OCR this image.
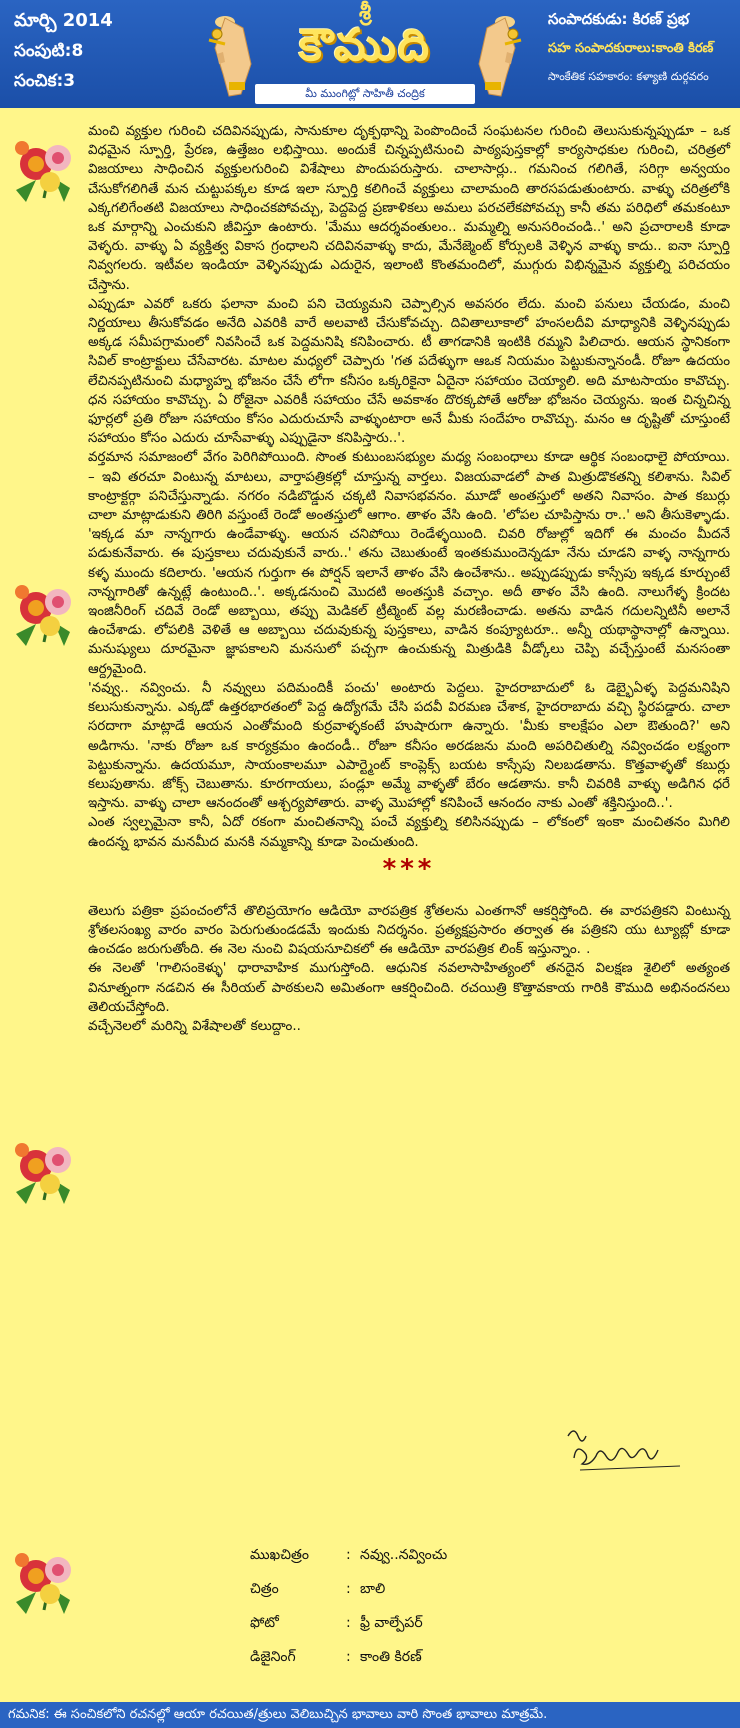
మార్చి 2014
సంపుటి:8
సంచిక:3
శ్రీ
కౌముది
మీ ముంగిట్లో సాహితీ చంద్రిక
సంపాదకుడు: కిరణ్ ప్రభ
సహ సంపాదకురాలు:కాంతి కిరణ్
సాంకేతిక సహకారం: కళ్యాణి దుర్గవరం

మంచి వ్యక్తుల గురించి చదివినప్పుడు, సానుకూల దృక్పథాన్ని పెంపొందించే సంఘటనల గురించి తెలుసుకున్నప్పుడూ – ఒక విధమైన స్పూర్తి, ప్రేరణ, ఉత్తేజం లభిస్తాయి. అందుకే చిన్నప్పటినుంచి పాఠ్యపుస్తకాల్లో కార్యసాధకుల గురించి, చరిత్రలో విజయాలు సాధించిన వ్యక్తులగురించి విశేషాలు పొందుపరుస్తారు. చాలాసార్లు.. గమనించ గలిగితే, సరిగ్గా అన్వయం చేసుకోగలిగితే మన చుట్టుపక్కల కూడ ఇలా స్పూర్తి కలిగించే వ్యక్తులు చాలామంది తారసపడుతుంటారు. వాళ్ళు చరిత్రలోకి ఎక్కగలిగేంతటి విజయాలు సాధించకపోవచ్చు, పెద్దపెద్ద ప్రణాళికలు అమలు పరచలేకపోవచ్చు కానీ తమ పరిధిలో తమకంటూ ఒక మార్గాన్ని ఎంచుకుని జీవిస్తూ ఉంటారు. 'మేము ఆదర్శవంతులం.. మమ్మల్ని అనుసరించండి..' అని ప్రచారాలకి కూడా వెళ్ళరు. వాళ్ళు ఏ వ్యక్తిత్వ వికాస గ్రంధాలని చదివినవాళ్ళు కాదు, మేనేజ్మెంట్ కోర్సులకి వెళ్ళిన వాళ్ళు కాదు.. ఐనా స్పూర్తి నివ్వగలరు. ఇటీవల ఇండియా వెళ్ళినప్పుడు ఎదురైన, ఇలాంటి కొంతమందిలో, ముగ్గురు విభిన్నమైన వ్యక్తుల్ని పరిచయం చేస్తాను.

ఎప్పుడూ ఎవరో ఒకరు ఫలానా మంచి పని చెయ్యమని చెప్పాల్సిన అవసరం లేదు. మంచి పనులు చేయడం, మంచి నిర్ణయాలు తీసుకోవడం అనేది ఎవరికి వారే అలవాటి చేసుకోవచ్చు. దివితాలూకాలో హంసలదీవి మాధ్యానికి వెళ్ళినప్పుడు అక్కడ సమీపగ్రామంలో నివసించే ఒక పెద్దమనిషి కనిపించారు. టీ తాగడానికి ఇంటికి రమ్మని పిలిచారు. ఆయన స్థానికంగా సివిల్ కాంట్రాక్టులు చేసేవారట. మాటల మధ్యలో చెప్పారు 'గత పదేళ్ళుగా ఆఒక నియమం పెట్టుకున్నానండీ. రోజూ ఉదయం లేచినప్పటినుంచి మధ్యాహ్న భోజనం చేసే లోగా కనీసం ఒక్కరికైనా ఏదైనా సహాయం చెయ్యాలి. అది మాటసాయం కావొచ్చు. ధన సహాయం కావొచ్చు. ఏ రోజైనా ఎవరికీ సహాయం చేసే అవకాశం దొరక్కపోతే ఆరోజు భోజనం చెయ్యను. ఇంత చిన్నచిన్న ఫూర్లలో ప్రతి రోజూ సహాయం కోసం ఎదురుచూసే వాళ్ళుంటారా అనే మీకు సందేహం రావొచ్చు. మనం ఆ దృష్టితో చూస్తుంటే సహాయం కోసం ఎదురు చూసేవాళ్ళు ఎప్పుడైనా కనిపిస్తారు..'.

వర్తమాన సమాజంలో వేగం పెరిగిపోయింది. సొంత కుటుంబసభ్యుల మధ్య సంబంధాలు కూడా ఆర్థిక సంబంధాలై పోయాయి. – ఇవి తరచూ వింటున్న మాటలు, వార్తాపత్రికల్లో చూస్తున్న వార్తలు. విజయవాడలో పాత మిత్రుడొకతన్ని కలిశాను. సివిల్ కాంట్రాక్టర్గా పనిచేస్తున్నాడు. నగరం నడిబొడ్డున చక్కటి నివాసభవనం. మూడో అంతస్తులో అతని నివాసం. పాత కబుర్లు చాలా మాట్లాడుకుని తిరిగి వస్తుంటే రెండో అంతస్తులో ఆగాం. తాళం వేసి ఉంది. 'లోపల చూపిస్తాను రా..' అని తీసుకెళ్ళాడు. 'ఇక్కడ మా నాన్నగారు ఉండేవాళ్ళు. ఆయన చనిపోయి రెండేళ్ళయింది. చివరి రోజుల్లో ఇదిగో ఈ మంచం మీదనే పడుకునేవారు. ఈ పుస్తకాలు చదువుకునే వారు..' తను చెబుతుంటే ఇంతకుముందెన్నడూ నేను చూడని వాళ్ళ నాన్నగారు కళ్ళ ముందు కదిలారు. 'ఆయన గుర్తుగా ఈ పోర్షన్ ఇలానే తాళం వేసి ఉంచేశాను.. అప్పుడప్పుడు కాస్సేపు ఇక్కడ కూర్చుంటే నాన్నగారితో ఉన్నట్లే ఉంటుంది..'. అక్కడనుంచి మొదటి అంతస్తుకి వచ్చాం. అదీ తాళం వేసి ఉంది. నాలుగేళ్ళ క్రిందట ఇంజినీరింగ్ చదివే రెండో అబ్బాయి, తప్పు మెడికల్ ట్రీట్మెంట్ వల్ల మరణించాడు. అతను వాడిన గదులన్నిటినీ అలానే ఉంచేశాడు. లోపలికి వెళితే ఆ అబ్బాయి చదువుకున్న పుస్తకాలు, వాడిన కంప్యూటరూ.. అన్నీ యథాస్థానాల్లో ఉన్నాయి. మనుష్యులు దూరమైనా జ్ఞాపకాలని మనసులో పచ్చగా ఉంచుకున్న మిత్రుడికి వీడ్కోలు చెప్పి వచ్చేస్తుంటే మనసంతా ఆర్ద్రమైంది.

'నవ్వు.. నవ్వించు. నీ నవ్వులు పదిమందికీ పంచు' అంటారు పెద్దలు. హైదరాబాదులో ఓ డెబ్భైఏళ్ళ పెద్దమనిషిని కలుసుకున్నాను. ఎక్కడో ఉత్తరభారతంలో పెద్ద ఉద్యోగమే చేసి పదవీ విరమణ చేశాక, హైదరాబాదు వచ్చి స్థిరపడ్డారు. చాలా సరదాగా మాట్లాడే ఆయన ఎంతోమంది కుర్రవాళ్ళకంటే హుషారుగా ఉన్నారు. 'మీకు కాలక్షేపం ఎలా ఔతుంది?' అని అడిగాను. 'నాకు రోజూ ఒక కార్యక్రమం ఉందండీ.. రోజూ కనీసం అరడజను మంది అపరిచితుల్ని నవ్వించడం లక్ష్యంగా పెట్టుకున్నాను. ఉదయమూ, సాయంకాలమూ ఎపార్ట్మెంట్ కాంప్లెక్స్ బయట కాస్సేపు నిలబడతాను. కొత్తవాళ్ళతో కబుర్లు కలుపుతాను. జోక్స్ చెబుతాను. కూరగాయలు, పండ్లూ అమ్మే వాళ్ళతో బేరం ఆడతాను. కానీ చివరికి వాళ్ళు అడిగిన ధరే ఇస్తాను. వాళ్ళు చాలా ఆనందంతో ఆశ్చర్యపోతారు. వాళ్ళ మొహాల్లో కనిపించే ఆనందం నాకు ఎంతో శక్తినిస్తుంది..'.

ఎంత స్వల్పమైనా కానీ, ఏదో రకంగా మంచితనాన్ని పంచే వ్యక్తుల్ని కలిసినప్పుడు – లోకంలో ఇంకా మంచితనం మిగిలి ఉందన్న భావన మనమీద మనకి నమ్మకాన్ని కూడా పెంచుతుంది.

***

తెలుగు పత్రికా ప్రపంచంలోనే తొలిప్రయోగం ఆడియో వారపత్రిక శ్రోతలను ఎంతగానో ఆకర్షిస్తోంది. ఈ వారపత్రికని వింటున్న శ్రోతలసంఖ్య వారం వారం పెరుగుతుండడమే ఇందుకు నిదర్శనం. ప్రత్యక్షప్రసారం తర్వాత ఈ పత్రికని యు ట్యూబ్లో కూడా ఉంచడం జరుగుతోంది. ఈ నెల నుంచి విషయసూచికలో ఈ ఆడియో వారపత్రిక లింక్ ఇస్తున్నాం. .

ఈ నెలతో 'గాలిసంకెళ్ళు' ధారావాహిక ముగుస్తోంది. ఆధునిక నవలాసాహిత్యంలో తనదైన విలక్షణ శైలిలో అత్యంత వినూత్నంగా నడచిన ఈ సీరియల్ పాఠకులని అమితంగా ఆకర్షించింది. రచయిత్రి కొత్తావకాయ గారికి కౌముది అభినందనలు తెలియచేస్తోంది.

వచ్చేనెలలో మరిన్ని విశేషాలతో కలుద్దాం..

ముఖచిత్రం	: నవ్వు..నవ్వించు
చిత్రం	: బాలి
ఫోటో	: ఫ్రీ వాల్పేపర్
డిజైనింగ్	: కాంతి కిరణ్
గమనిక: ఈ సంచికలోని రచనల్లో ఆయా రచయిత/త్రులు వెలిబుచ్చిన భావాలు వారి సొంత భావాలు మాత్రమే.
